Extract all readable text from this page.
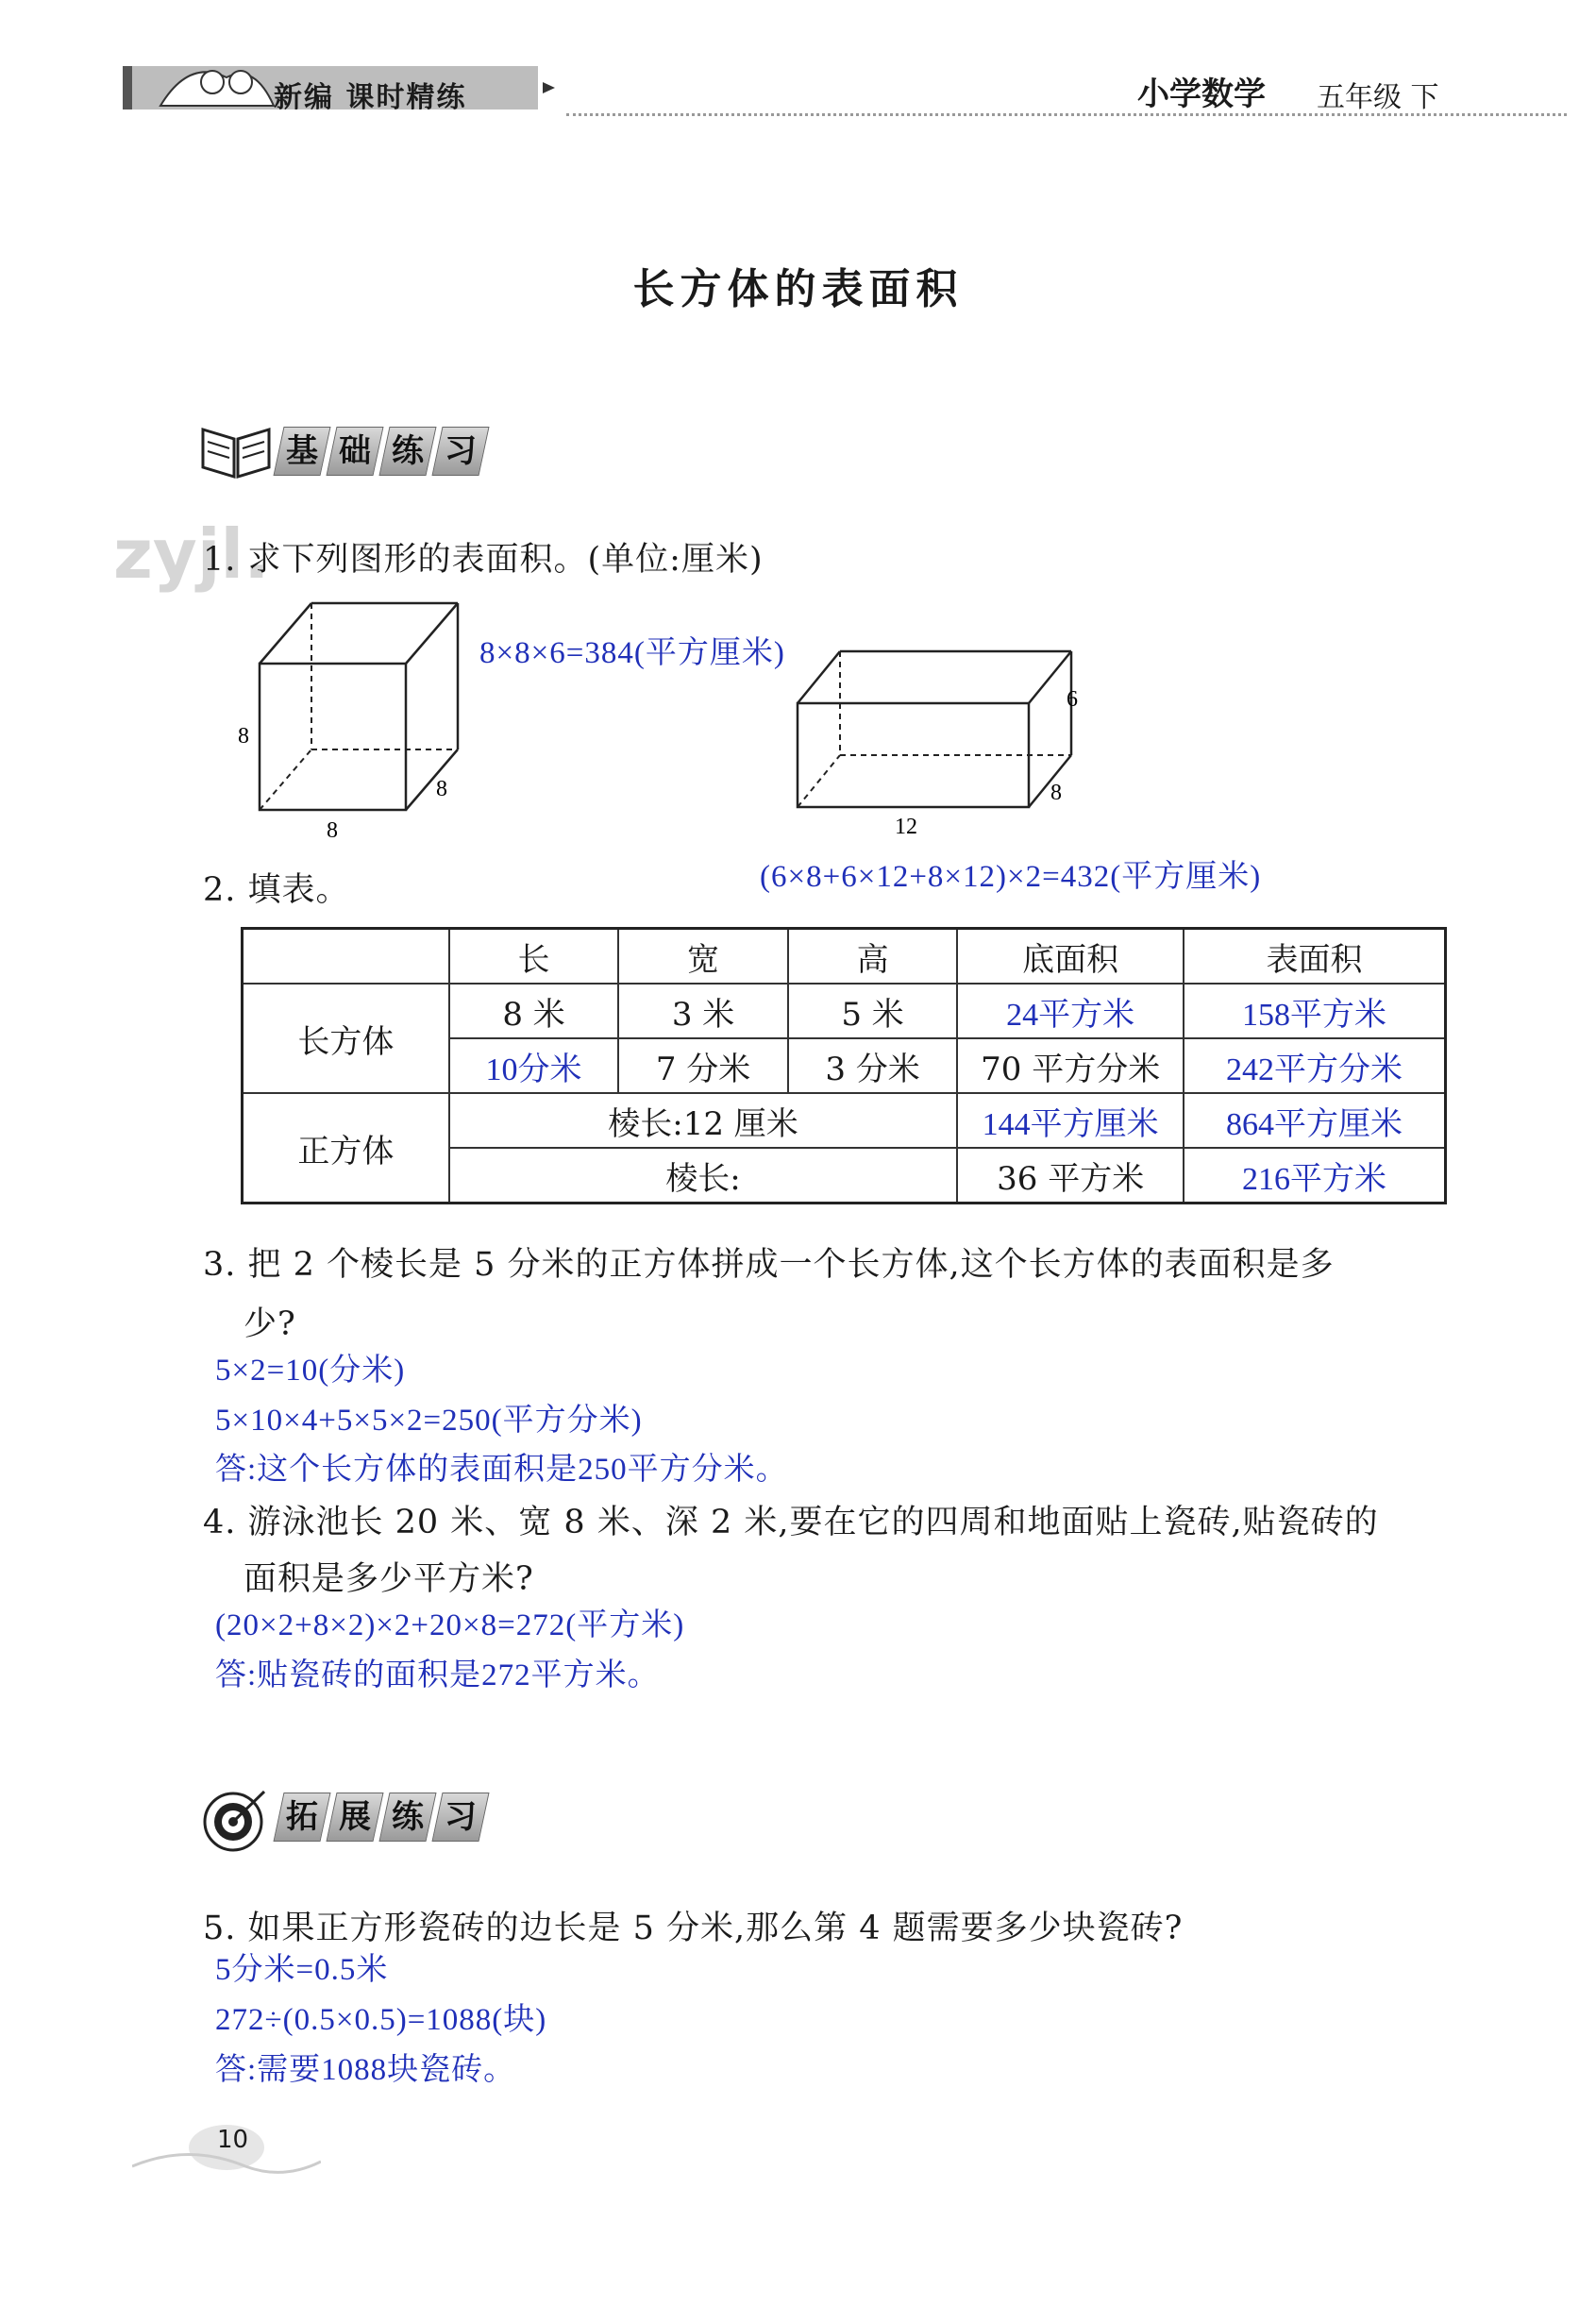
新编 课时精练	小学数学 五年级 下
长方体的表面积
zyjl.
基 础 练 习
1. 求下列图形的表面积。(单位:厘米)
8
8
8
8×8×6=384(平方厘米)
6
8
12
(6×8+6×12+8×12)×2=432(平方厘米)
2. 填表。
	长	宽	高	底面积	表面积
长方体	8 米	3 米	5 米	24平方米	158平方米
	10分米	7 分米	3 分米	70 平方分米	242平方分米
正方体	棱长:12 厘米			144平方厘米	864平方厘米
	棱长:			36 平方米	216平方米
3. 把 2 个棱长是 5 分米的正方体拼成一个长方体,这个长方体的表面积是多
少?
5×2=10(分米)
5×10×4+5×5×2=250(平方分米)
答:这个长方体的表面积是250平方分米。
4. 游泳池长 20 米、宽 8 米、深 2 米,要在它的四周和地面贴上瓷砖,贴瓷砖的
面积是多少平方米?
(20×2+8×2)×2+20×8=272(平方米)
答:贴瓷砖的面积是272平方米。
拓 展 练 习
5. 如果正方形瓷砖的边长是 5 分米,那么第 4 题需要多少块瓷砖?
5分米=0.5米
272÷(0.5×0.5)=1088(块)
答:需要1088块瓷砖。
10
